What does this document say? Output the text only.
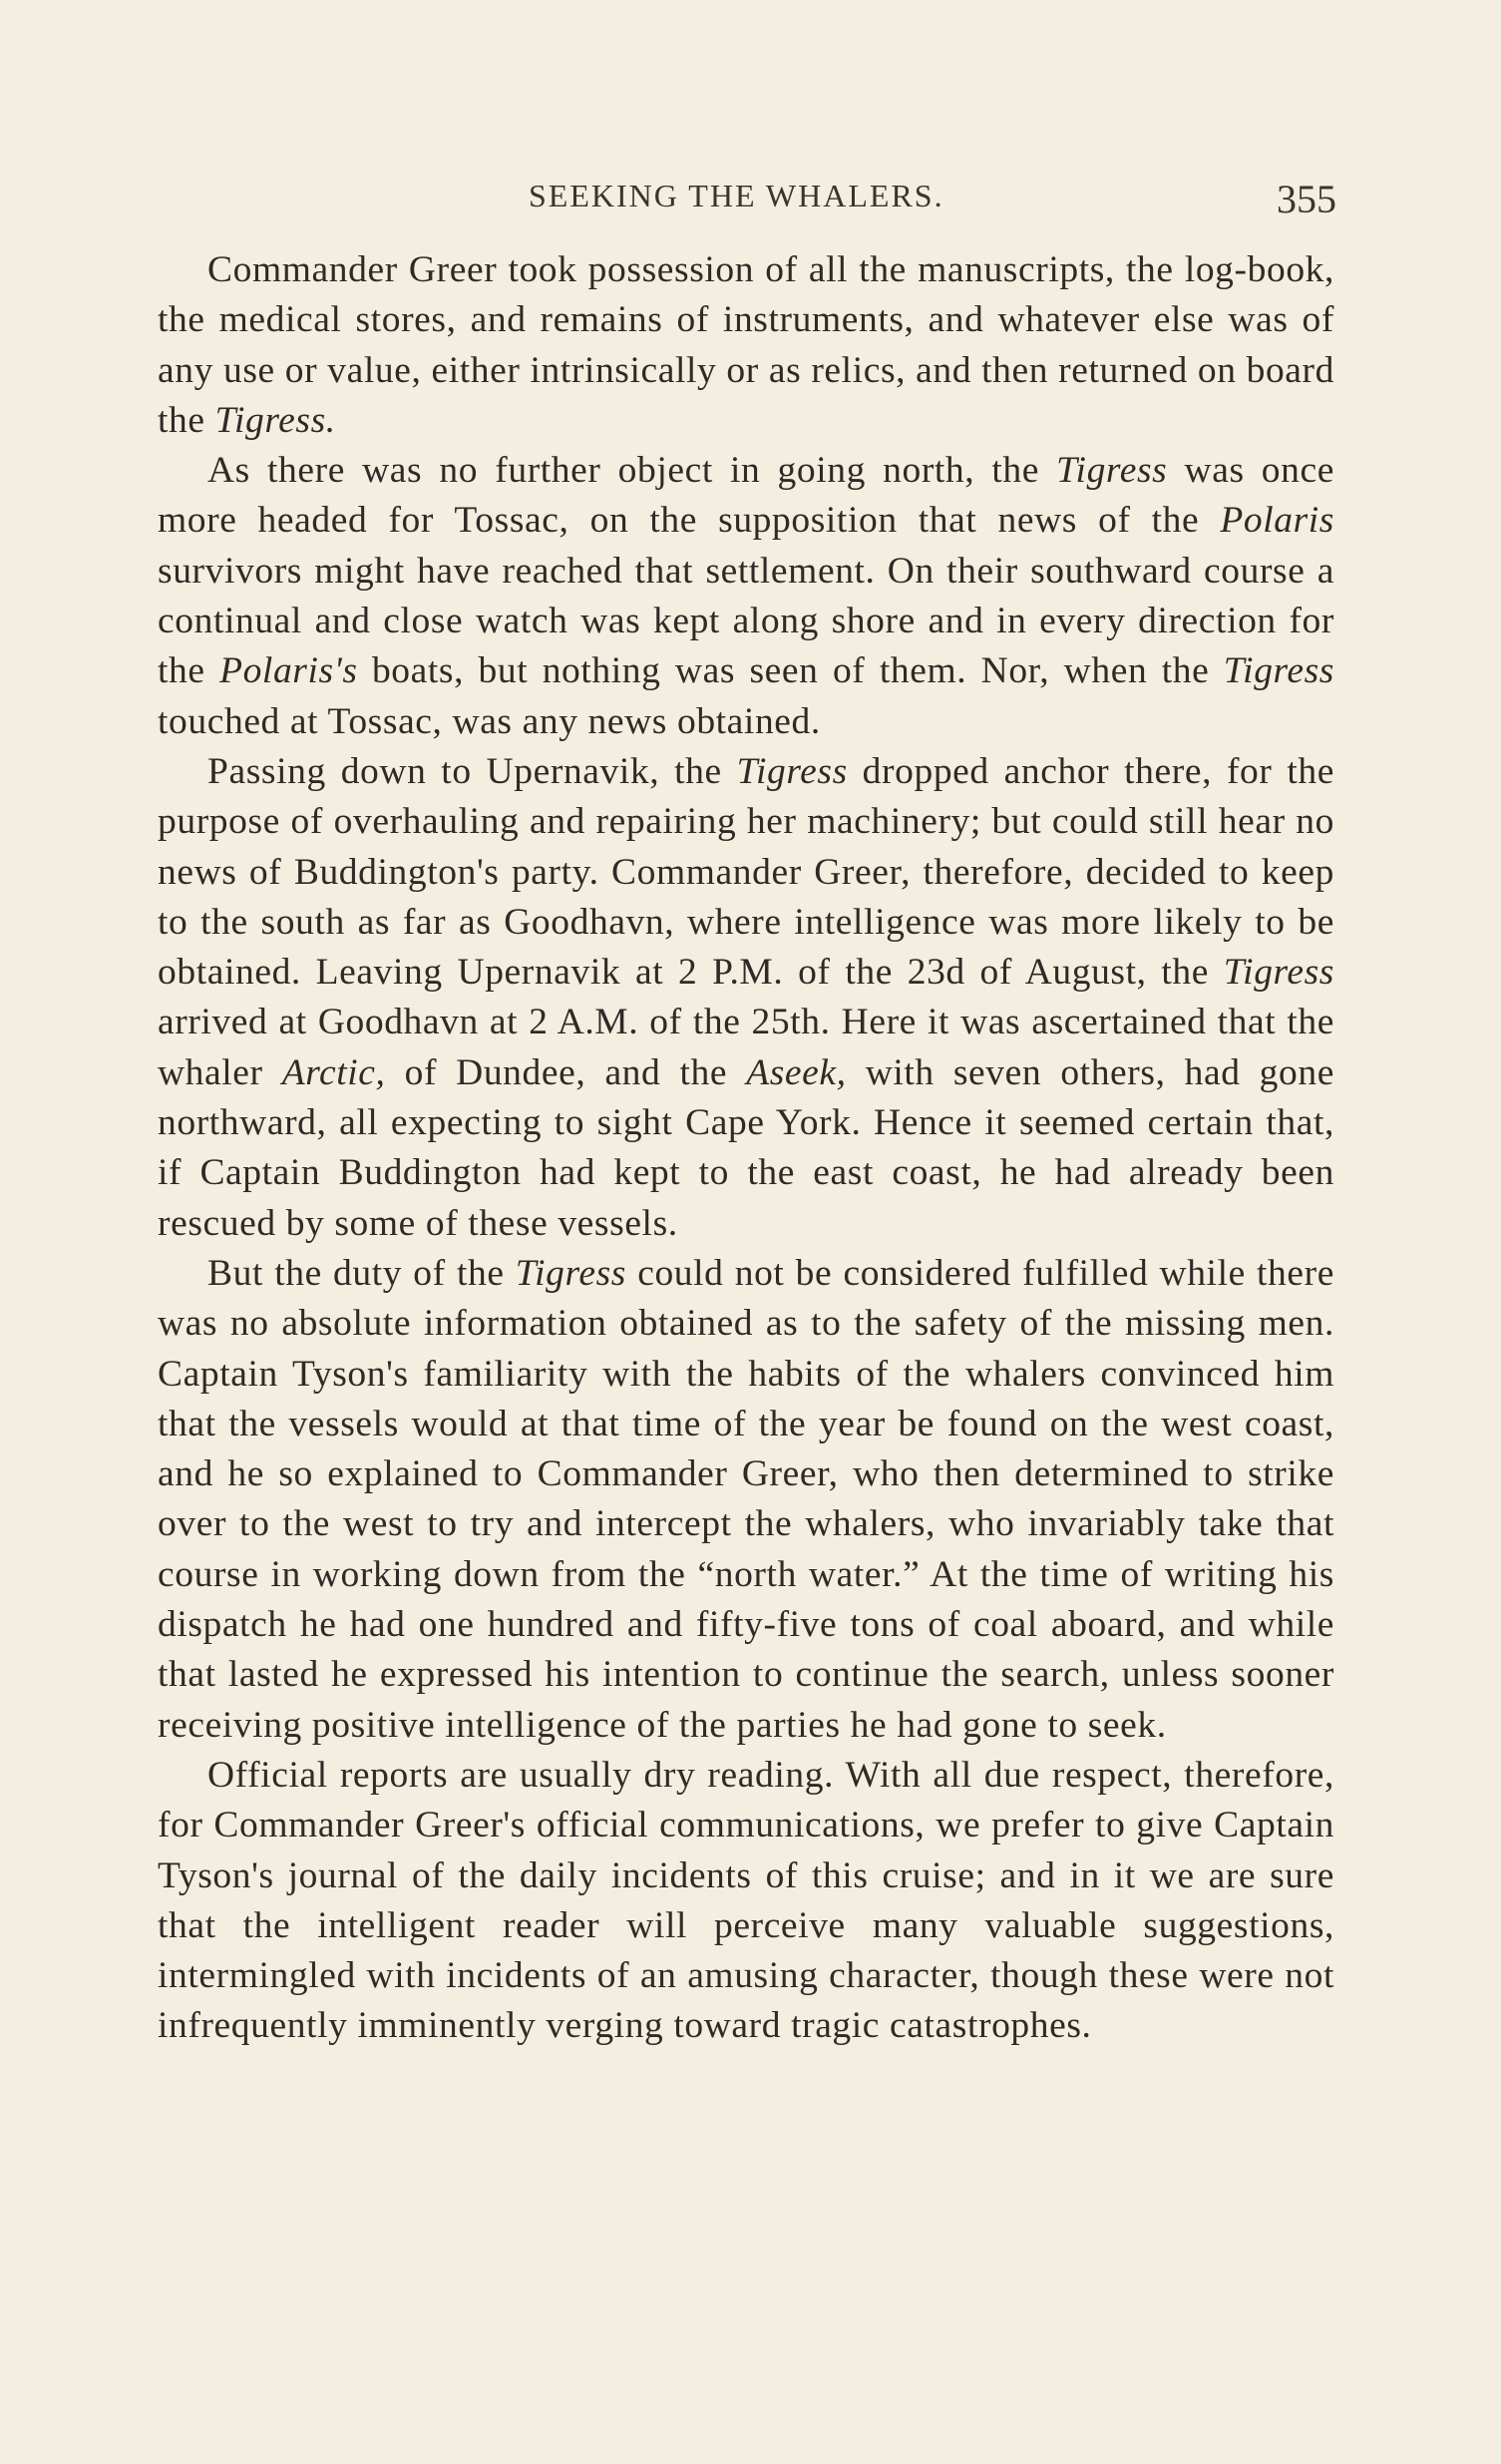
SEEKING THE WHALERS.	355

Commander Greer took possession of all the manuscripts, the log-book, the medical stores, and remains of instruments, and whatever else was of any use or value, either intrinsically or as relics, and then returned on board the Tigress.

As there was no further object in going north, the Tigress was once more headed for Tossac, on the supposition that news of the Polaris survivors might have reached that settlement. On their southward course a continual and close watch was kept along shore and in every direction for the Polaris's boats, but nothing was seen of them. Nor, when the Tigress touched at Tossac, was any news obtained.

Passing down to Upernavik, the Tigress dropped anchor there, for the purpose of overhauling and repairing her machinery; but could still hear no news of Buddington's party. Commander Greer, therefore, decided to keep to the south as far as Goodhavn, where intelligence was more likely to be obtained. Leaving Upernavik at 2 P.M. of the 23d of August, the Tigress arrived at Goodhavn at 2 A.M. of the 25th. Here it was ascertained that the whaler Arctic, of Dundee, and the Aseek, with seven others, had gone northward, all expecting to sight Cape York. Hence it seemed certain that, if Captain Buddington had kept to the east coast, he had already been rescued by some of these vessels.

But the duty of the Tigress could not be considered fulfilled while there was no absolute information obtained as to the safety of the missing men. Captain Tyson's familiarity with the habits of the whalers convinced him that the vessels would at that time of the year be found on the west coast, and he so explained to Commander Greer, who then determined to strike over to the west to try and intercept the whalers, who invariably take that course in working down from the “north water.” At the time of writing his dispatch he had one hundred and fifty-five tons of coal aboard, and while that lasted he expressed his intention to continue the search, unless sooner receiving positive intelligence of the parties he had gone to seek.

Official reports are usually dry reading. With all due respect, therefore, for Commander Greer's official communications, we prefer to give Captain Tyson's journal of the daily incidents of this cruise; and in it we are sure that the intelligent reader will perceive many valuable suggestions, intermingled with incidents of an amusing character, though these were not infrequently imminently verging toward tragic catastrophes.
